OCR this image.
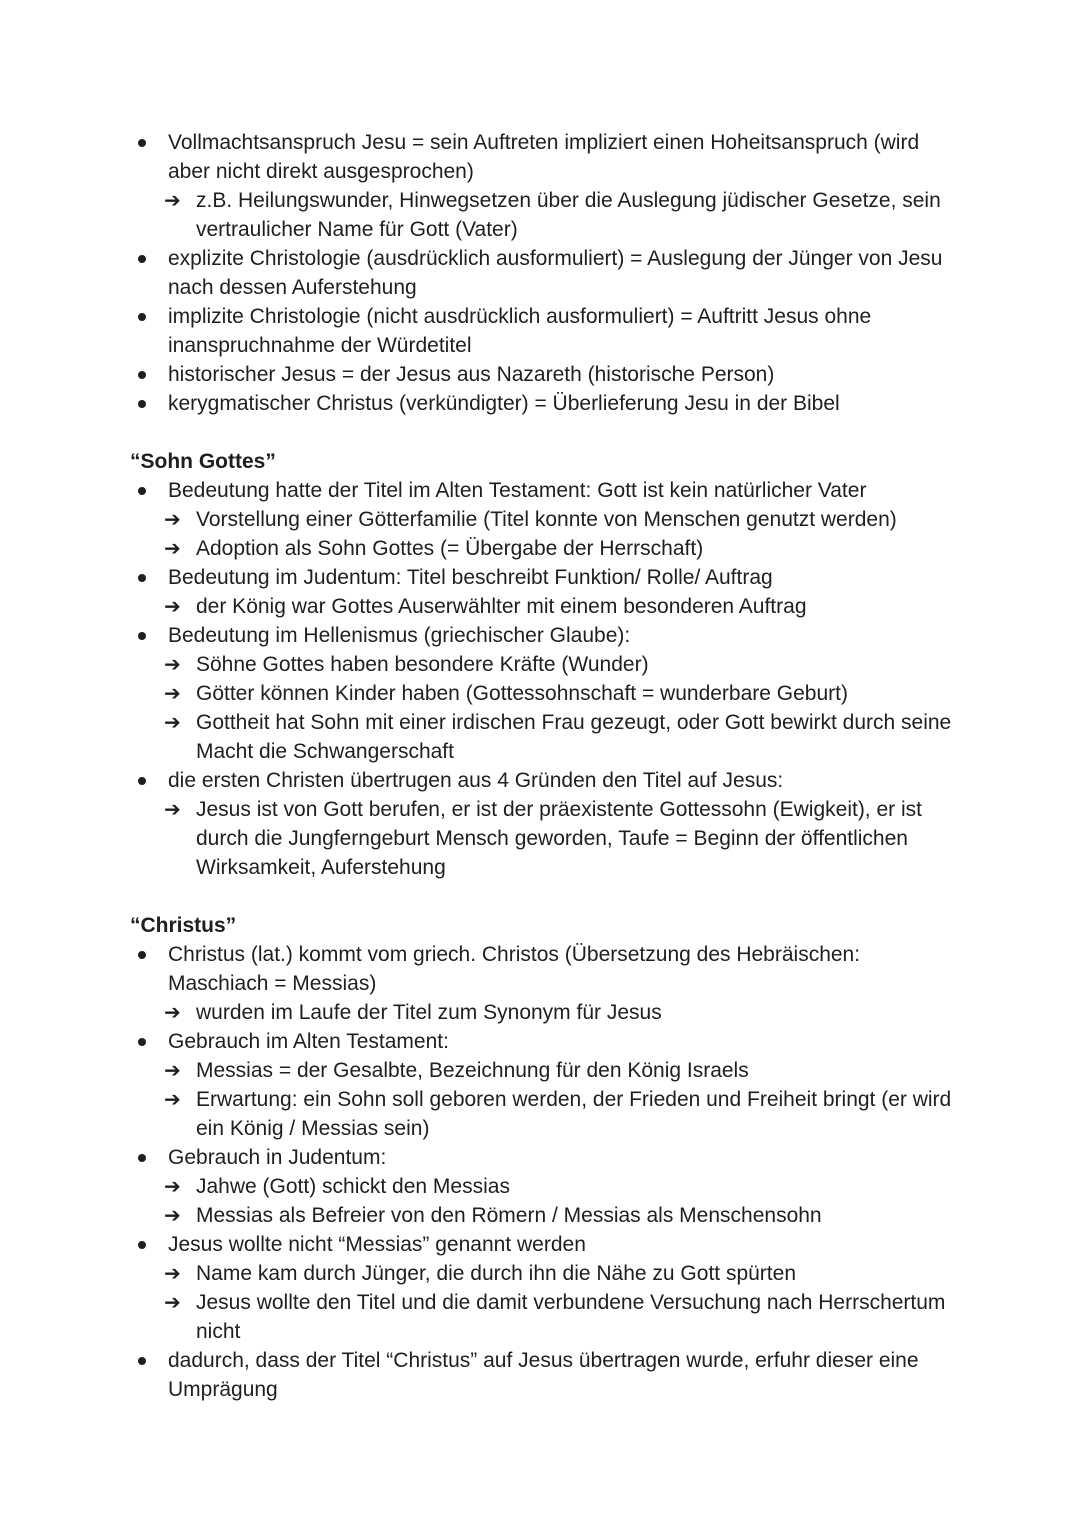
Vollmachtsanspruch Jesu = sein Auftreten impliziert einen Hoheitsanspruch (wird aber nicht direkt ausgesprochen)
➔ z.B. Heilungswunder, Hinwegsetzen über die Auslegung jüdischer Gesetze, sein vertraulicher Name für Gott (Vater)
explizite Christologie (ausdrücklich ausformuliert) = Auslegung der Jünger von Jesu nach dessen Auferstehung
implizite Christologie (nicht ausdrücklich ausformuliert) = Auftritt Jesus ohne inanspruchnahme der Würdetitel
historischer Jesus = der Jesus aus Nazareth (historische Person)
kerygmatischer Christus (verkündigter) = Überlieferung Jesu in der Bibel
“Sohn Gottes”
Bedeutung hatte der Titel im Alten Testament: Gott ist kein natürlicher Vater
➔ Vorstellung einer Götterfamilie (Titel konnte von Menschen genutzt werden)
➔ Adoption als Sohn Gottes (= Übergabe der Herrschaft)
Bedeutung im Judentum: Titel beschreibt Funktion/ Rolle/ Auftrag
➔ der König war Gottes Auserwählter mit einem besonderen Auftrag
Bedeutung im Hellenismus (griechischer Glaube):
➔ Söhne Gottes haben besondere Kräfte (Wunder)
➔ Götter können Kinder haben (Gottessohnschaft = wunderbare Geburt)
➔ Gottheit hat Sohn mit einer irdischen Frau gezeugt, oder Gott bewirkt durch seine Macht die Schwangerschaft
die ersten Christen übertrugen aus 4 Gründen den Titel auf Jesus:
➔ Jesus ist von Gott berufen, er ist der präexistente Gottessohn (Ewigkeit), er ist durch die Jungferngeburt Mensch geworden, Taufe = Beginn der öffentlichen Wirksamkeit, Auferstehung
“Christus”
Christus (lat.) kommt vom griech. Christos (Übersetzung des Hebräischen: Maschiach = Messias)
➔ wurden im Laufe der Titel zum Synonym für Jesus
Gebrauch im Alten Testament:
➔ Messias = der Gesalbte, Bezeichnung für den König Israels
➔ Erwartung: ein Sohn soll geboren werden, der Frieden und Freiheit bringt (er wird ein König / Messias sein)
Gebrauch in Judentum:
➔ Jahwe (Gott) schickt den Messias
➔ Messias als Befreier von den Römern / Messias als Menschensohn
Jesus wollte nicht “Messias” genannt werden
➔ Name kam durch Jünger, die durch ihn die Nähe zu Gott spürten
➔ Jesus wollte den Titel und die damit verbundene Versuchung nach Herrschertum nicht
dadurch, dass der Titel “Christus” auf Jesus übertragen wurde, erfuhr dieser eine Umprägung
